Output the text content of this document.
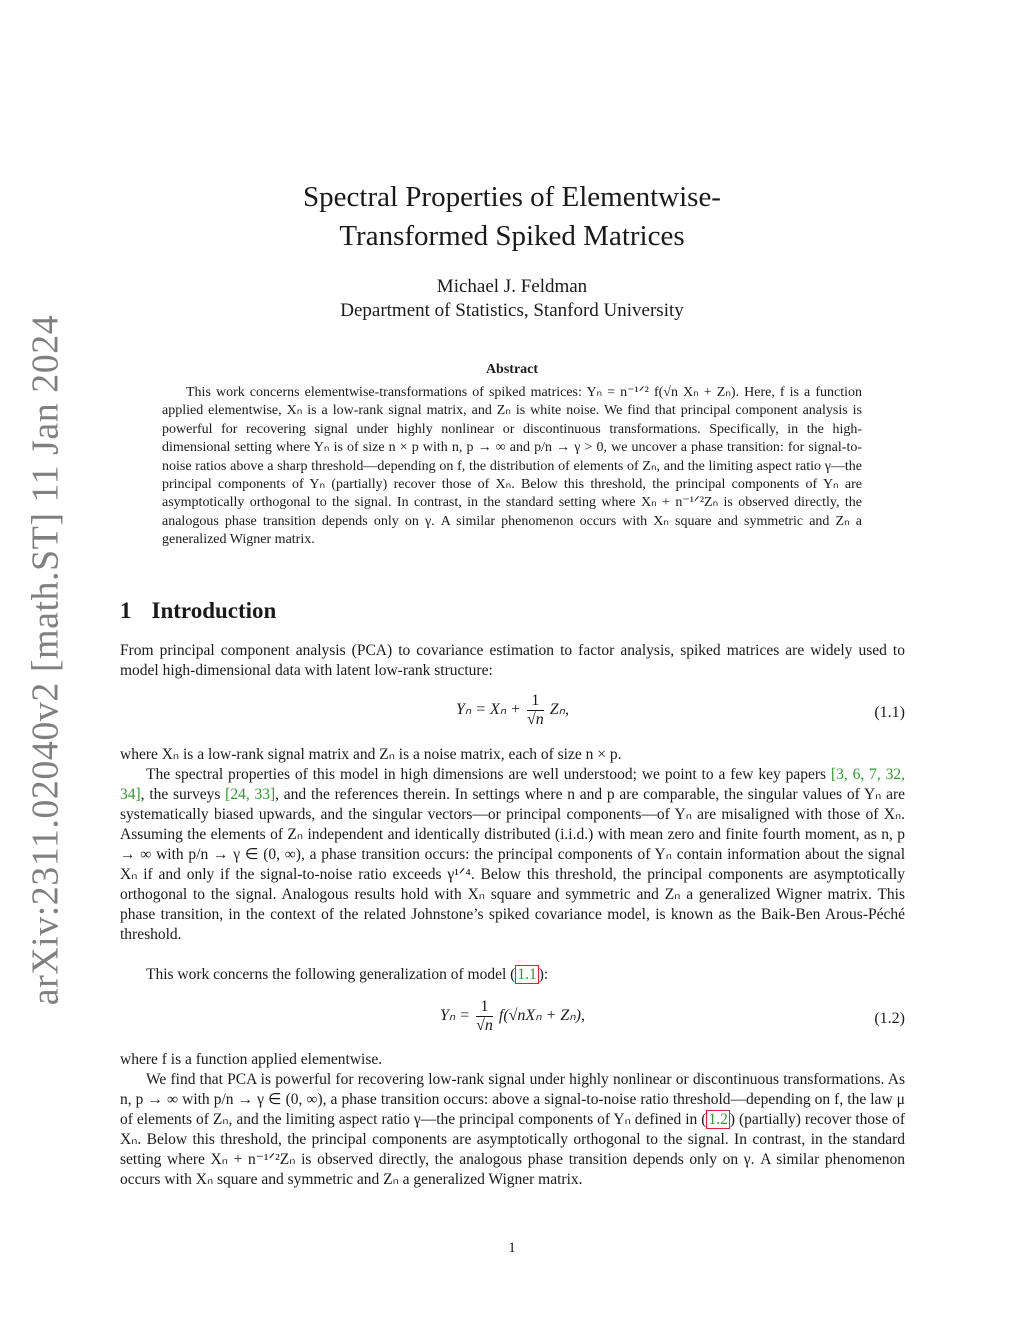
arXiv:2311.02040v2 [math.ST] 11 Jan 2024
Spectral Properties of Elementwise-
Transformed Spiked Matrices
Michael J. Feldman
Department of Statistics, Stanford University
Abstract
This work concerns elementwise-transformations of spiked matrices: Yₙ = n⁻¹ᐟ² f(√n Xₙ + Zₙ). Here, f is a function applied elementwise, Xₙ is a low-rank signal matrix, and Zₙ is white noise. We find that principal component analysis is powerful for recovering signal under highly nonlinear or discontinuous transformations. Specifically, in the high-dimensional setting where Yₙ is of size n × p with n, p → ∞ and p/n → γ > 0, we uncover a phase transition: for signal-to-noise ratios above a sharp threshold—depending on f, the distribution of elements of Zₙ, and the limiting aspect ratio γ—the principal components of Yₙ (partially) recover those of Xₙ. Below this threshold, the principal components of Yₙ are asymptotically orthogonal to the signal. In contrast, in the standard setting where Xₙ + n⁻¹ᐟ²Zₙ is observed directly, the analogous phase transition depends only on γ. A similar phenomenon occurs with Xₙ square and symmetric and Zₙ a generalized Wigner matrix.
1 Introduction
From principal component analysis (PCA) to covariance estimation to factor analysis, spiked matrices are widely used to model high-dimensional data with latent low-rank structure:
$Y_n = X_n + \frac{1}{√n} Z_n$,	(1.1)
where Xₙ is a low-rank signal matrix and Zₙ is a noise matrix, each of size n × p.
The spectral properties of this model in high dimensions are well understood; we point to a few key papers [3, 6, 7, 32, 34], the surveys [24, 33], and the references therein. In settings where n and p are comparable, the singular values of Yₙ are systematically biased upwards, and the singular vectors—or principal components—of Yₙ are misaligned with those of Xₙ. Assuming the elements of Zₙ independent and identically distributed (i.i.d.) with mean zero and finite fourth moment, as n, p → ∞ with p/n → γ ∈ (0, ∞), a phase transition occurs: the principal components of Yₙ contain information about the signal Xₙ if and only if the signal-to-noise ratio exceeds γ¹ᐟ⁴. Below this threshold, the principal components are asymptotically orthogonal to the signal. Analogous results hold with Xₙ square and symmetric and Zₙ a generalized Wigner matrix. This phase transition, in the context of the related Johnstone’s spiked covariance model, is known as the Baik-Ben Arous-Péché threshold.
This work concerns the following generalization of model ( 1.1 ):
$Y_n = \frac{1}{√n} f(√nX_n + Z_n)$,	(1.2)
where f is a function applied elementwise.
We find that PCA is powerful for recovering low-rank signal under highly nonlinear or discontinuous transformations. As n, p → ∞ with p/n → γ ∈ (0, ∞), a phase transition occurs: above a signal-to-noise ratio threshold—depending on f, the law μ of elements of Zₙ, and the limiting aspect ratio γ—the principal components of Yₙ defined in ( 1.2 ) (partially) recover those of Xₙ. Below this threshold, the principal components are asymptotically orthogonal to the signal. In contrast, in the standard setting where Xₙ + n⁻¹ᐟ²Zₙ is observed directly, the analogous phase transition depends only on γ. A similar phenomenon occurs with Xₙ square and symmetric and Zₙ a generalized Wigner matrix.
1
